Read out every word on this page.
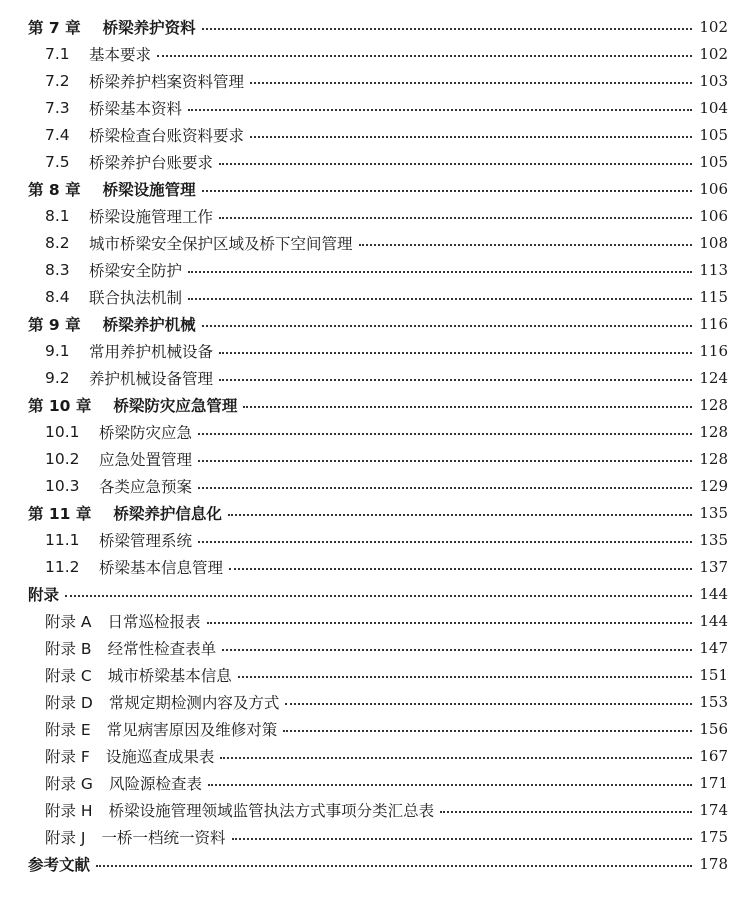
第 7 章 桥梁养护资料	102
7.1	基本要求	102
7.2	桥梁养护档案资料管理	103
7.3	桥梁基本资料	104
7.4	桥梁检查台账资料要求	105
7.5	桥梁养护台账要求	105
第 8 章 桥梁设施管理	106
8.1	桥梁设施管理工作	106
8.2	城市桥梁安全保护区域及桥下空间管理	108
8.3	桥梁安全防护	113
8.4	联合执法机制	115
第 9 章 桥梁养护机械	116
9.1	常用养护机械设备	116
9.2	养护机械设备管理	124
第 10 章 桥梁防灾应急管理	128
10.1	桥梁防灾应急	128
10.2	应急处置管理	128
10.3	各类应急预案	129
第 11 章 桥梁养护信息化	135
11.1	桥梁管理系统	135
11.2	桥梁基本信息管理	137
附录	144
附录 A 日常巡检报表	144
附录 B 经常性检查表单	147
附录 C 城市桥梁基本信息	151
附录 D 常规定期检测内容及方式	153
附录 E 常见病害原因及维修对策	156
附录 F 设施巡查成果表	167
附录 G 风险源检查表	171
附录 H 桥梁设施管理领域监管执法方式事项分类汇总表	174
附录 J 一桥一档统一资料	175
参考文献	178
